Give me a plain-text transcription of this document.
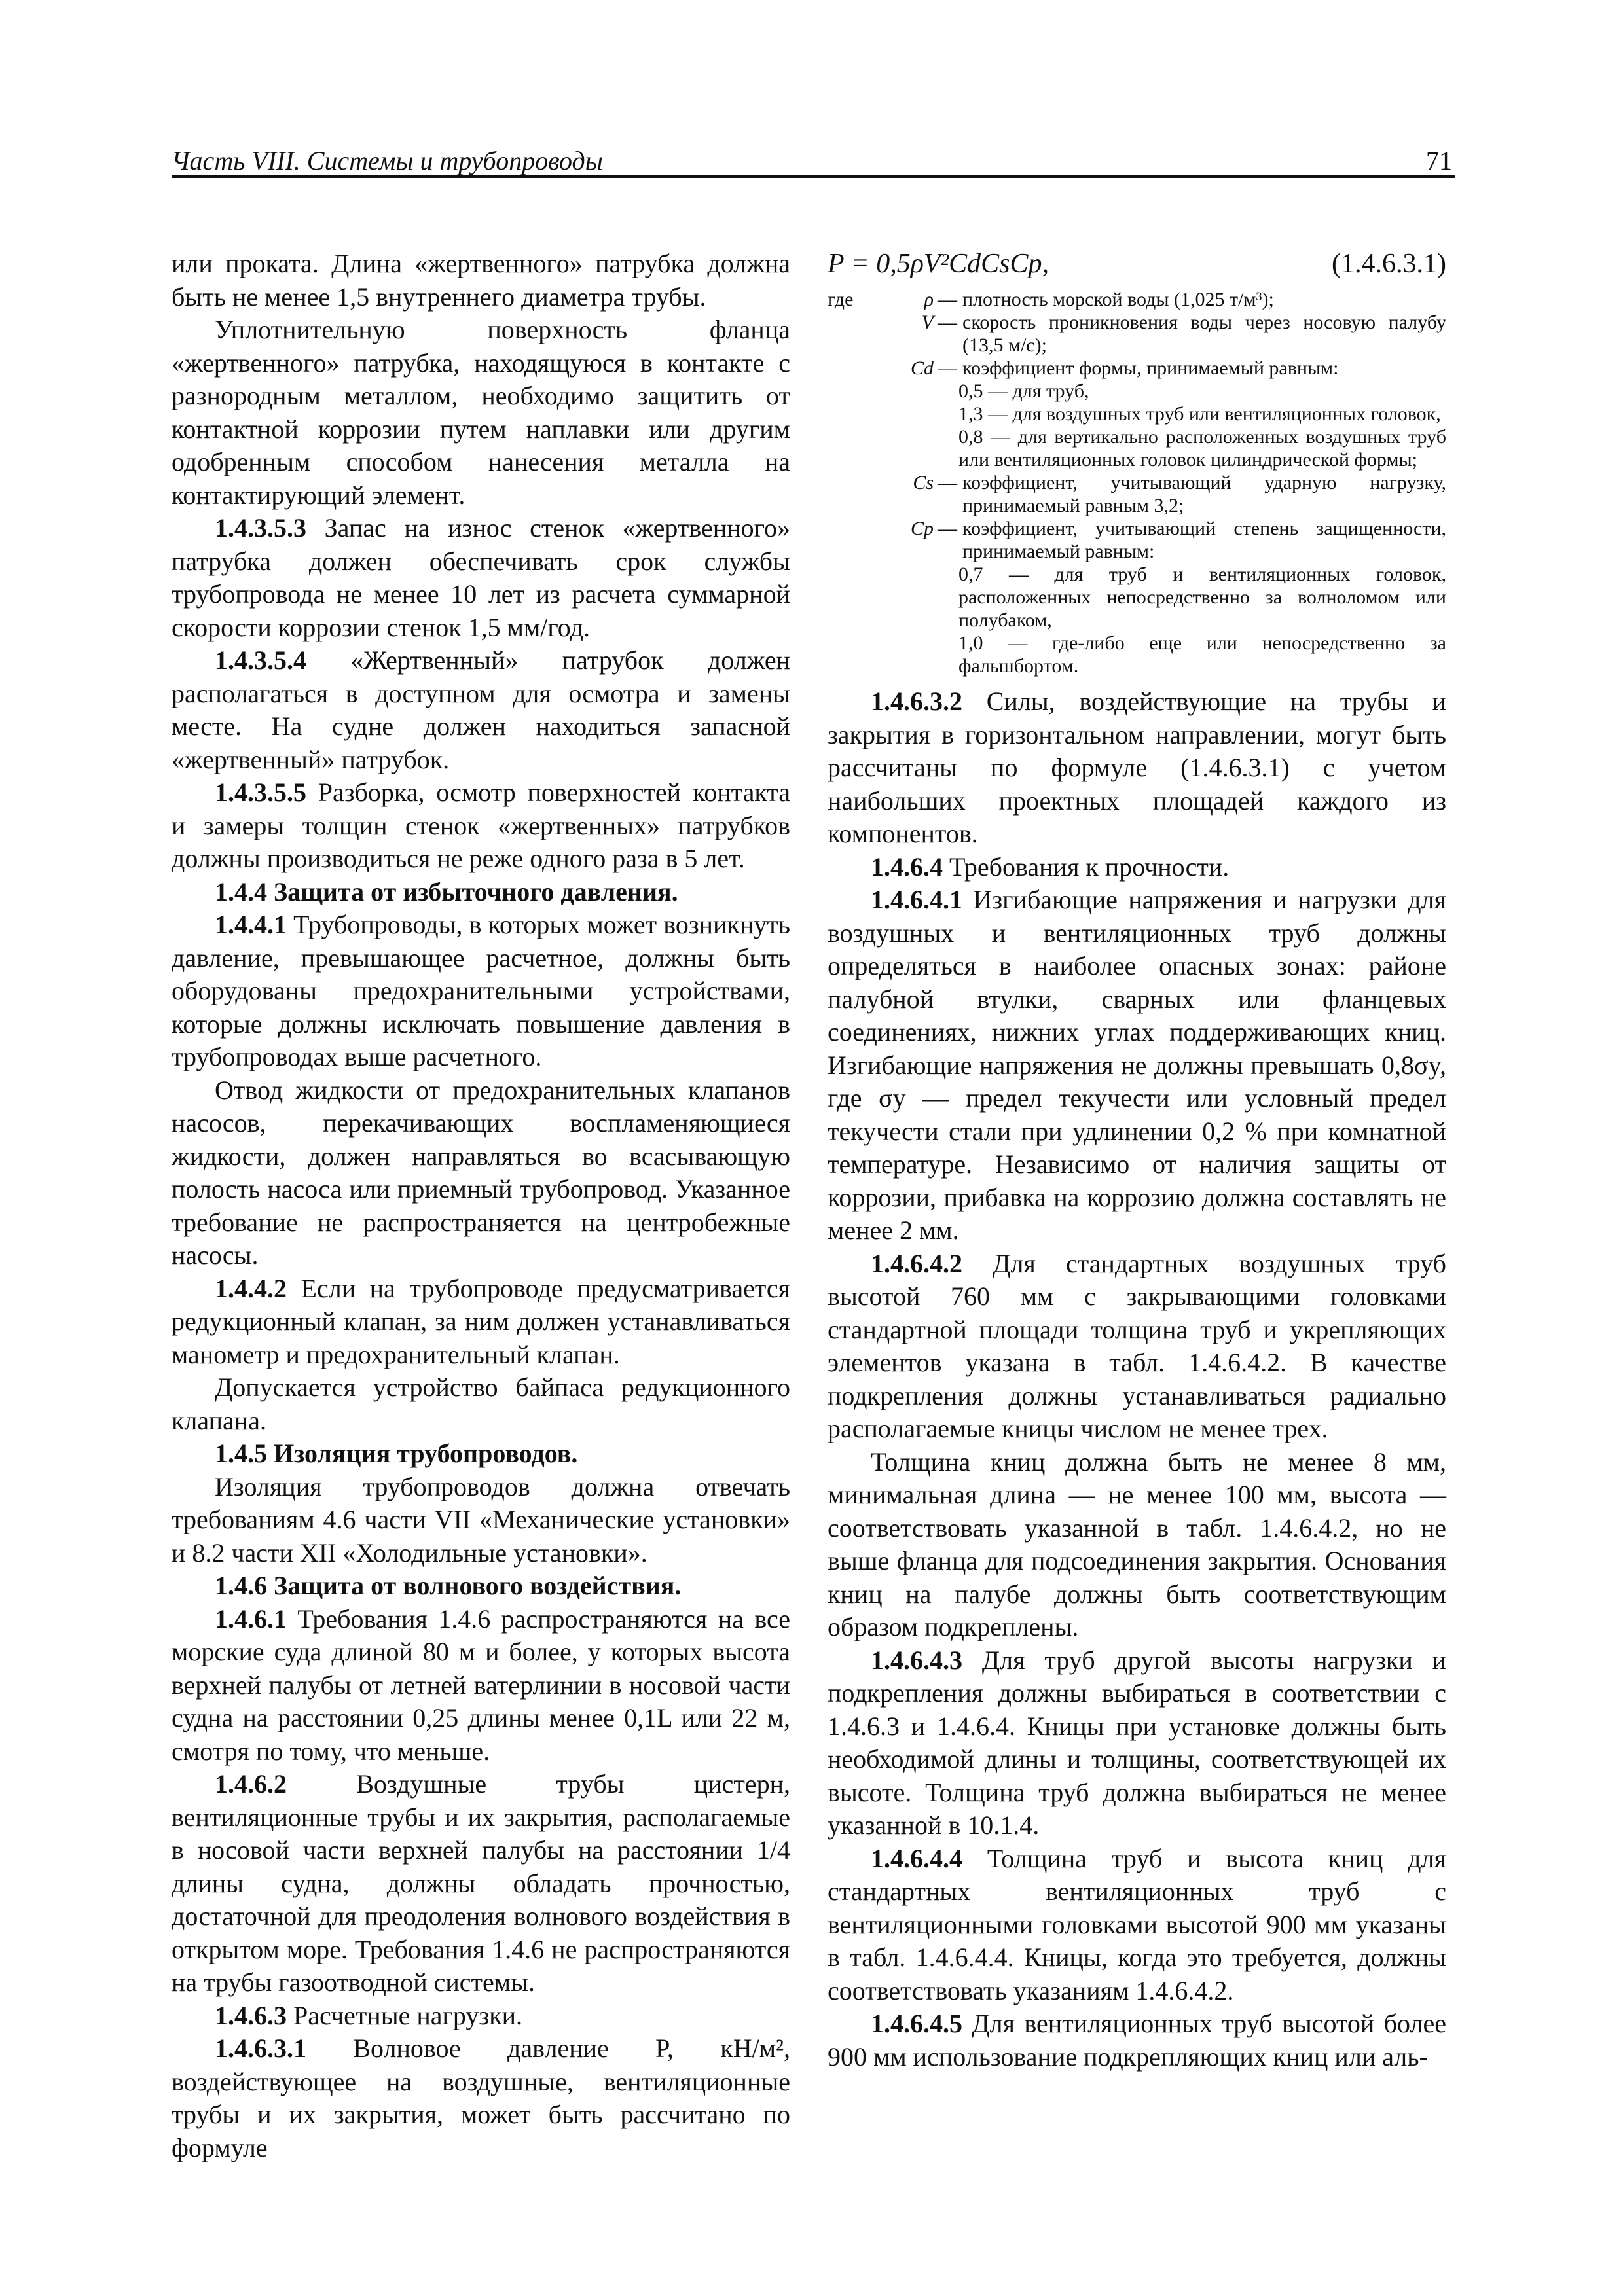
Часть VIII. Системы и трубопроводы	71

или проката. Длина «жертвенного» патрубка должна быть не менее 1,5 внутреннего диаметра трубы.

Уплотнительную поверхность фланца «жертвенного» патрубка, находящуюся в контакте с разнородным металлом, необходимо защитить от контактной коррозии путем наплавки или другим одобренным способом нанесения металла на контактирующий элемент.

1.4.3.5.3 Запас на износ стенок «жертвенного» патрубка должен обеспечивать срок службы трубопровода не менее 10 лет из расчета суммарной скорости коррозии стенок 1,5 мм/год.

1.4.3.5.4 «Жертвенный» патрубок должен располагаться в доступном для осмотра и замены месте. На судне должен находиться запасной «жертвенный» патрубок.

1.4.3.5.5 Разборка, осмотр поверхностей контакта и замеры толщин стенок «жертвенных» патрубков должны производиться не реже одного раза в 5 лет.

1.4.4 Защита от избыточного давления.

1.4.4.1 Трубопроводы, в которых может возникнуть давление, превышающее расчетное, должны быть оборудованы предохранительными устройствами, которые должны исключать повышение давления в трубопроводах выше расчетного.

Отвод жидкости от предохранительных клапанов насосов, перекачивающих воспламеняющиеся жидкости, должен направляться во всасывающую полость насоса или приемный трубопровод. Указанное требование не распространяется на центробежные насосы.

1.4.4.2 Если на трубопроводе предусматривается редукционный клапан, за ним должен устанавливаться манометр и предохранительный клапан.

Допускается устройство байпаса редукционного клапана.

1.4.5 Изоляция трубопроводов.

Изоляция трубопроводов должна отвечать требованиям 4.6 части VII «Механические установки» и 8.2 части XII «Холодильные установки».

1.4.6 Защита от волнового воздействия.

1.4.6.1 Требования 1.4.6 распространяются на все морские суда длиной 80 м и более, у которых высота верхней палубы от летней ватерлинии в носовой части судна на расстоянии 0,25 длины менее 0,1L или 22 м, смотря по тому, что меньше.

1.4.6.2 Воздушные трубы цистерн, вентиляционные трубы и их закрытия, располагаемые в носовой части верхней палубы на расстоянии 1/4 длины судна, должны обладать прочностью, достаточной для преодоления волнового воздействия в открытом море. Требования 1.4.6 не распространяются на трубы газоотводной системы.

1.4.6.3 Расчетные нагрузки.

1.4.6.3.1 Волновое давление P, кН/м², воздействующее на воздушные, вентиляционные трубы и их закрытия, может быть рассчитано по формуле

P = 0,5ρV²CdCsCp,	(1.4.6.3.1)
где	ρ — плотность морской воды (1,025 т/м³);
V — скорость проникновения воды через носовую палубу (13,5 м/с);
Cd — коэффициент формы, принимаемый равным:
0,5 — для труб,
1,3 — для воздушных труб или вентиляционных головок,
0,8 — для вертикально расположенных воздушных труб или вентиляционных головок цилиндрической формы;
Cs — коэффициент, учитывающий ударную нагрузку, принимаемый равным 3,2;
Cp — коэффициент, учитывающий степень защищенности, принимаемый равным:
0,7 — для труб и вентиляционных головок, расположенных непосредственно за волноломом или полубаком,
1,0 — где-либо еще или непосредственно за фальшбортом.

1.4.6.3.2 Силы, воздействующие на трубы и закрытия в горизонтальном направлении, могут быть рассчитаны по формуле (1.4.6.3.1) с учетом наибольших проектных площадей каждого из компонентов.

1.4.6.4 Требования к прочности.

1.4.6.4.1 Изгибающие напряжения и нагрузки для воздушных и вентиляционных труб должны определяться в наиболее опасных зонах: районе палубной втулки, сварных или фланцевых соединениях, нижних углах поддерживающих книц. Изгибающие напряжения не должны превышать 0,8σy, где σy — предел текучести или условный предел текучести стали при удлинении 0,2 % при комнатной температуре. Независимо от наличия защиты от коррозии, прибавка на коррозию должна составлять не менее 2 мм.

1.4.6.4.2 Для стандартных воздушных труб высотой 760 мм с закрывающими головками стандартной площади толщина труб и укрепляющих элементов указана в табл. 1.4.6.4.2. В качестве подкрепления должны устанавливаться радиально располагаемые кницы числом не менее трех.

Толщина книц должна быть не менее 8 мм, минимальная длина — не менее 100 мм, высота — соответствовать указанной в табл. 1.4.6.4.2, но не выше фланца для подсоединения закрытия. Основания книц на палубе должны быть соответствующим образом подкреплены.

1.4.6.4.3 Для труб другой высоты нагрузки и подкрепления должны выбираться в соответствии с 1.4.6.3 и 1.4.6.4. Кницы при установке должны быть необходимой длины и толщины, соответствующей их высоте. Толщина труб должна выбираться не менее указанной в 10.1.4.

1.4.6.4.4 Толщина труб и высота книц для стандартных вентиляционных труб с вентиляционными головками высотой 900 мм указаны в табл. 1.4.6.4.4. Кницы, когда это требуется, должны соответствовать указаниям 1.4.6.4.2.

1.4.6.4.5 Для вентиляционных труб высотой более 900 мм использование подкрепляющих книц или аль-
